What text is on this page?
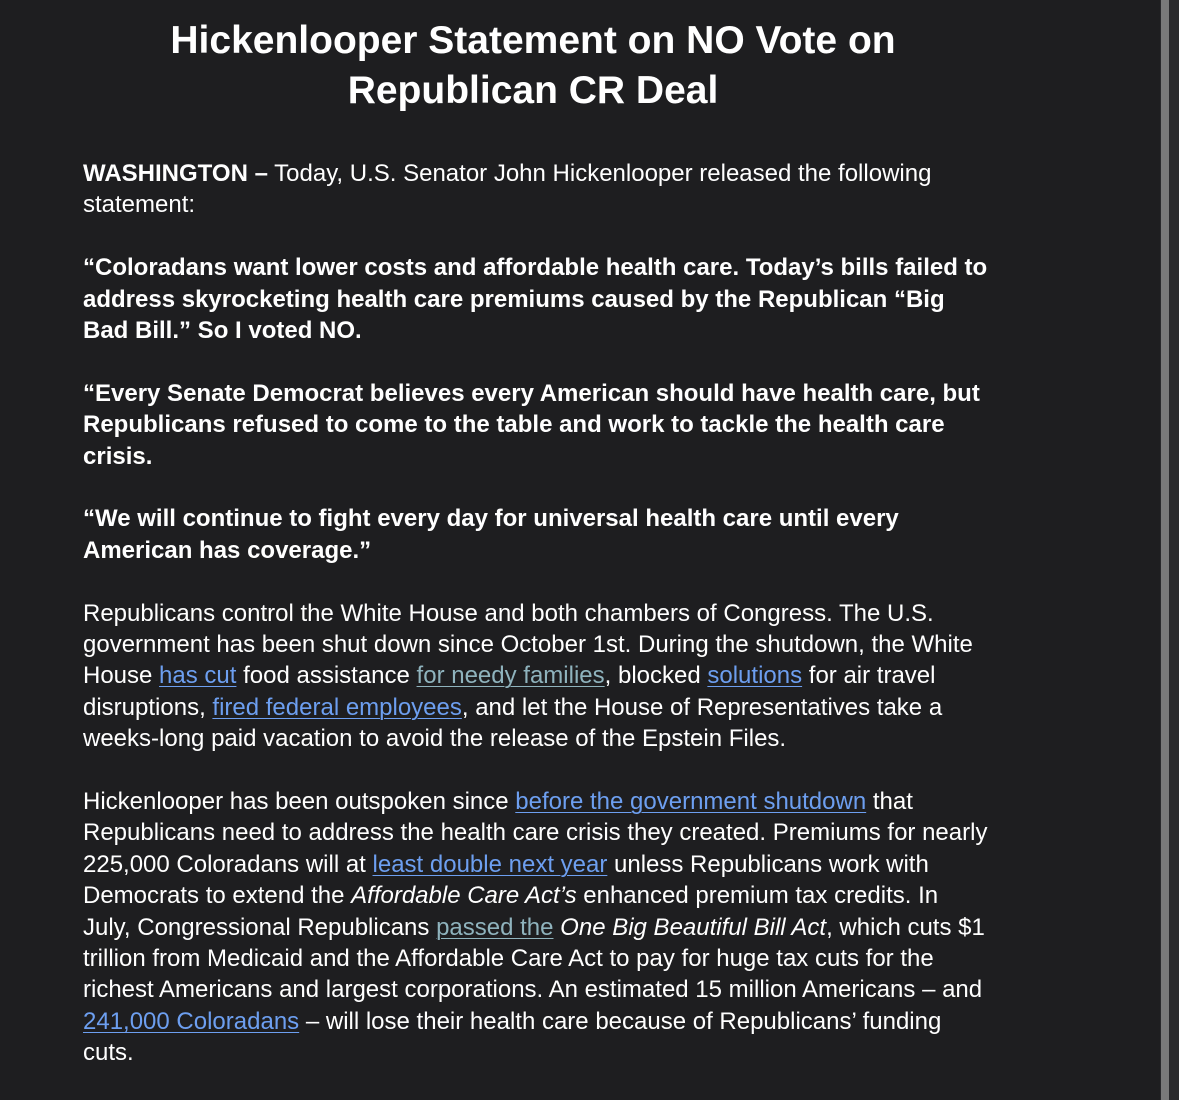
Hickenlooper Statement on NO Vote on
Republican CR Deal

WASHINGTON – Today, U.S. Senator John Hickenlooper released the following statement:

“Coloradans want lower costs and affordable health care. Today’s bills failed to address skyrocketing health care premiums caused by the Republican “Big Bad Bill.” So I voted NO.

“Every Senate Democrat believes every American should have health care, but Republicans refused to come to the table and work to tackle the health care crisis.

“We will continue to fight every day for universal health care until every American has coverage.”

Republicans control the White House and both chambers of Congress. The U.S. government has been shut down since October 1st. During the shutdown, the White House has cut food assistance for needy families, blocked solutions for air travel disruptions, fired federal employees, and let the House of Representatives take a weeks-long paid vacation to avoid the release of the Epstein Files.

Hickenlooper has been outspoken since before the government shutdown that Republicans need to address the health care crisis they created. Premiums for nearly 225,000 Coloradans will at least double next year unless Republicans work with Democrats to extend the Affordable Care Act’s enhanced premium tax credits. In July, Congressional Republicans passed the One Big Beautiful Bill Act, which cuts $1 trillion from Medicaid and the Affordable Care Act to pay for huge tax cuts for the richest Americans and largest corporations. An estimated 15 million Americans – and 241,000 Coloradans – will lose their health care because of Republicans’ funding cuts.
